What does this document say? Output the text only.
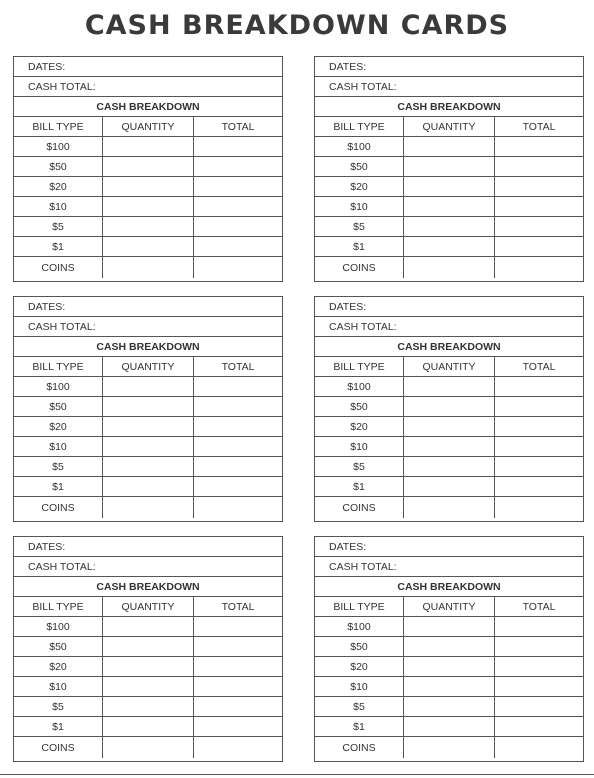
CASH BREAKDOWN CARDS
DATES:
CASH TOTAL:
CASH BREAKDOWN
BILL TYPE	QUANTITY	TOTAL
$100
$50
$20
$10
$5
$1
COINS
DATES:
CASH TOTAL:
CASH BREAKDOWN
BILL TYPE	QUANTITY	TOTAL
$100
$50
$20
$10
$5
$1
COINS
DATES:
CASH TOTAL:
CASH BREAKDOWN
BILL TYPE	QUANTITY	TOTAL
$100
$50
$20
$10
$5
$1
COINS
DATES:
CASH TOTAL:
CASH BREAKDOWN
BILL TYPE	QUANTITY	TOTAL
$100
$50
$20
$10
$5
$1
COINS
DATES:
CASH TOTAL:
CASH BREAKDOWN
BILL TYPE	QUANTITY	TOTAL
$100
$50
$20
$10
$5
$1
COINS
DATES:
CASH TOTAL:
CASH BREAKDOWN
BILL TYPE	QUANTITY	TOTAL
$100
$50
$20
$10
$5
$1
COINS
